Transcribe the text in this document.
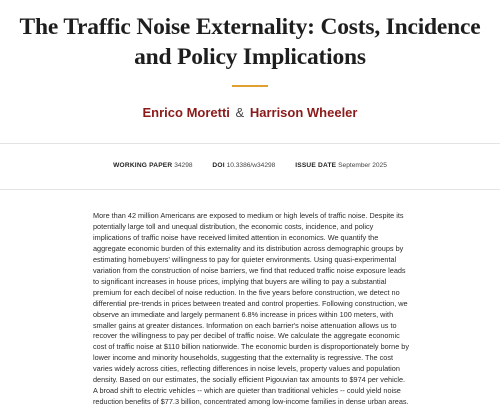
The Traffic Noise Externality: Costs, Incidence
and Policy Implications
Enrico Moretti & Harrison Wheeler
WORKING PAPER 34298	DOI 10.3386/w34298	ISSUE DATE September 2025

More than 42 million Americans are exposed to medium or high levels of traffic noise. Despite its potentially large toll and unequal distribution, the economic costs, incidence, and policy implications of traffic noise have received limited attention in economics. We quantify the aggregate economic burden of this externality and its distribution across demographic groups by estimating homebuyers' willingness to pay for quieter environments. Using quasi-experimental variation from the construction of noise barriers, we find that reduced traffic noise exposure leads to significant increases in house prices, implying that buyers are willing to pay a substantial premium for each decibel of noise reduction. In the five years before construction, we detect no differential pre-trends in prices between treated and control properties. Following construction, we observe an immediate and largely permanent 6.8% increase in prices within 100 meters, with smaller gains at greater distances. Information on each barrier's noise attenuation allows us to recover the willingness to pay per decibel of traffic noise. We calculate the aggregate economic cost of traffic noise at $110 billion nationwide. The economic burden is disproportionately borne by lower income and minority households, suggesting that the externality is regressive. The cost varies widely across cities, reflecting differences in noise levels, property values and population density. Based on our estimates, the socially efficient Pigouvian tax amounts to $974 per vehicle. A broad shift to electric vehicles -- which are quieter than traditional vehicles -- could yield noise reduction benefits of $77.3 billion, concentrated among low-income families in dense urban areas.
